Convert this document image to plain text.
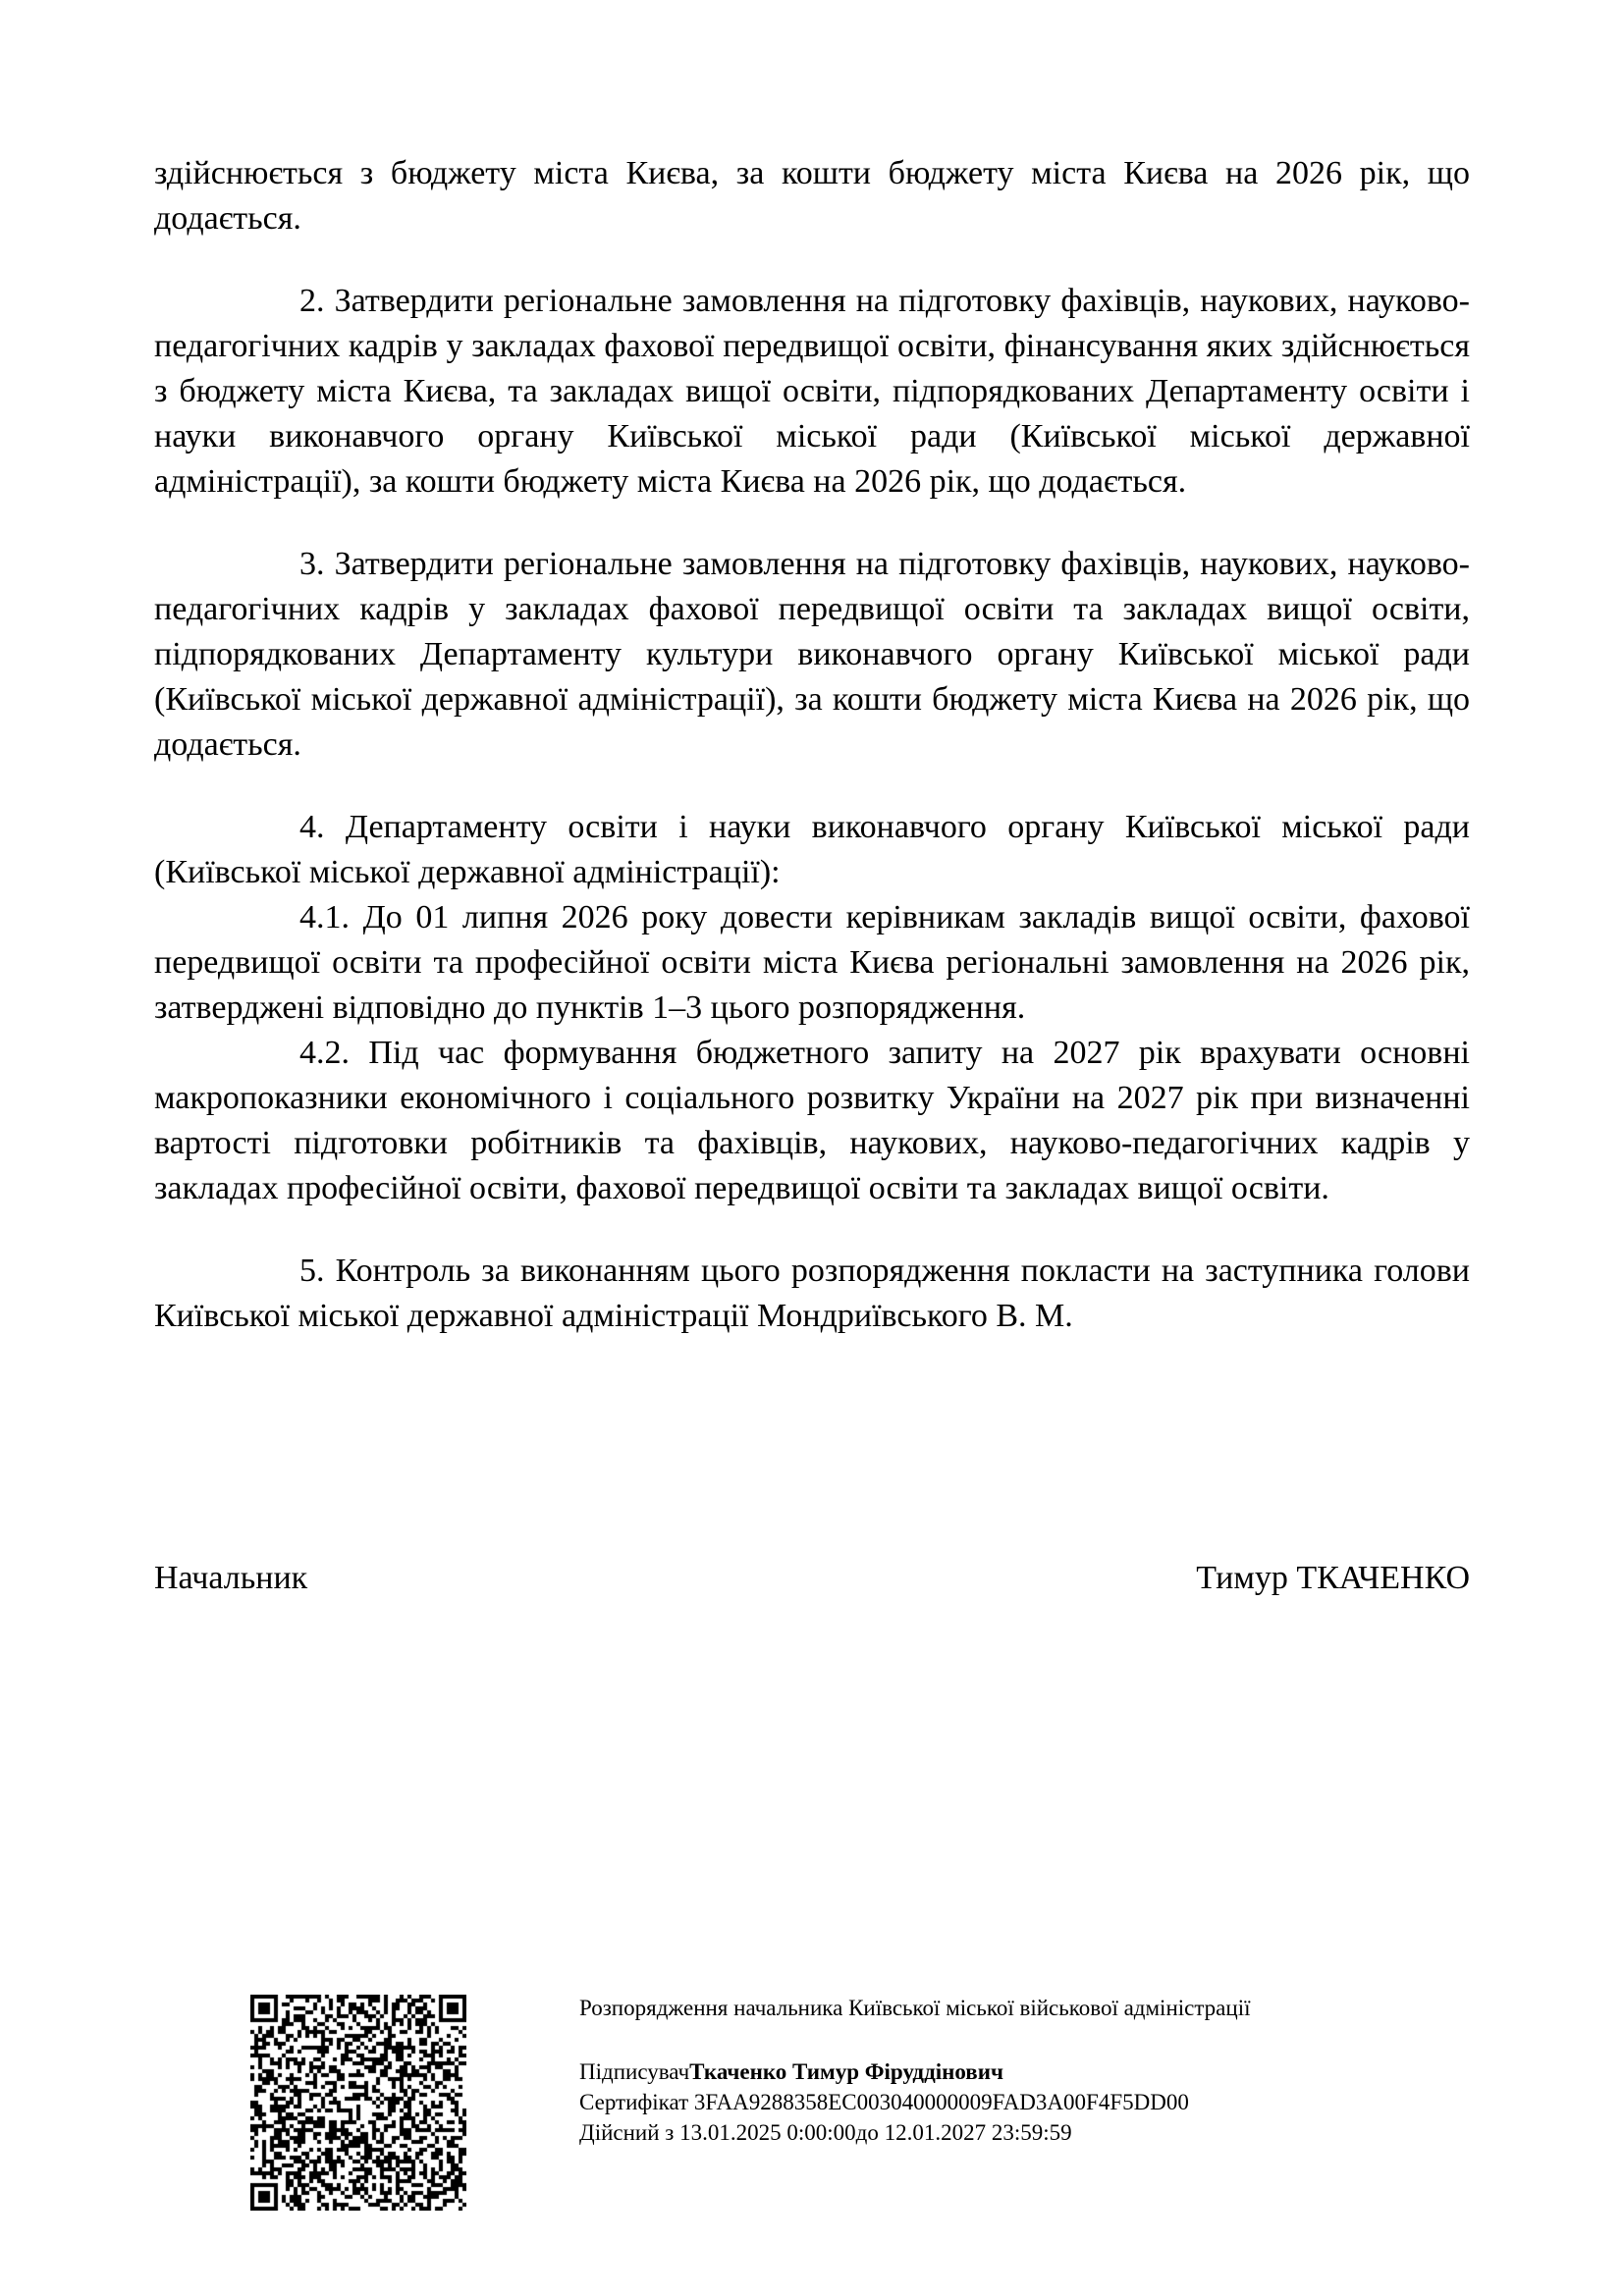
здійснюється з бюджету міста Києва, за кошти бюджету міста Києва на 2026 рік, що додається.

2. Затвердити регіональне замовлення на підготовку фахівців, наукових, науково-педагогічних кадрів у закладах фахової передвищої освіти, фінансування яких здійснюється з бюджету міста Києва, та закладах вищої освіти, підпорядкованих Департаменту освіти і науки виконавчого органу Київської міської ради (Київської міської державної адміністрації), за кошти бюджету міста Києва на 2026 рік, що додається.

3. Затвердити регіональне замовлення на підготовку фахівців, наукових, науково-педагогічних кадрів у закладах фахової передвищої освіти та закладах вищої освіти, підпорядкованих Департаменту культури виконавчого органу Київської міської ради (Київської міської державної адміністрації), за кошти бюджету міста Києва на 2026 рік, що додається.

4. Департаменту освіти і науки виконавчого органу Київської міської ради (Київської міської державної адміністрації):

4.1. До 01 липня 2026 року довести керівникам закладів вищої освіти, фахової передвищої освіти та професійної освіти міста Києва регіональні замовлення на 2026 рік, затверджені відповідно до пунктів 1–3 цього розпорядження.

4.2. Під час формування бюджетного запиту на 2027 рік врахувати основні макропоказники економічного і соціального розвитку України на 2027 рік при визначенні вартості підготовки робітників та фахівців, наукових, науково-педагогічних кадрів у закладах професійної освіти, фахової передвищої освіти та закладах вищої освіти.

5. Контроль за виконанням цього розпорядження покласти на заступника голови Київської міської державної адміністрації Мондриївського В. М.

Начальник	Тимур ТКАЧЕНКО
Розпорядження начальника Київської міської військової адміністрації
ПідписувачТкаченко Тимур Фіруддінович
Сертифікат 3FAA9288358EC003040000009FAD3A00F4F5DD00
Дійсний з 13.01.2025 0:00:00до 12.01.2027 23:59:59
